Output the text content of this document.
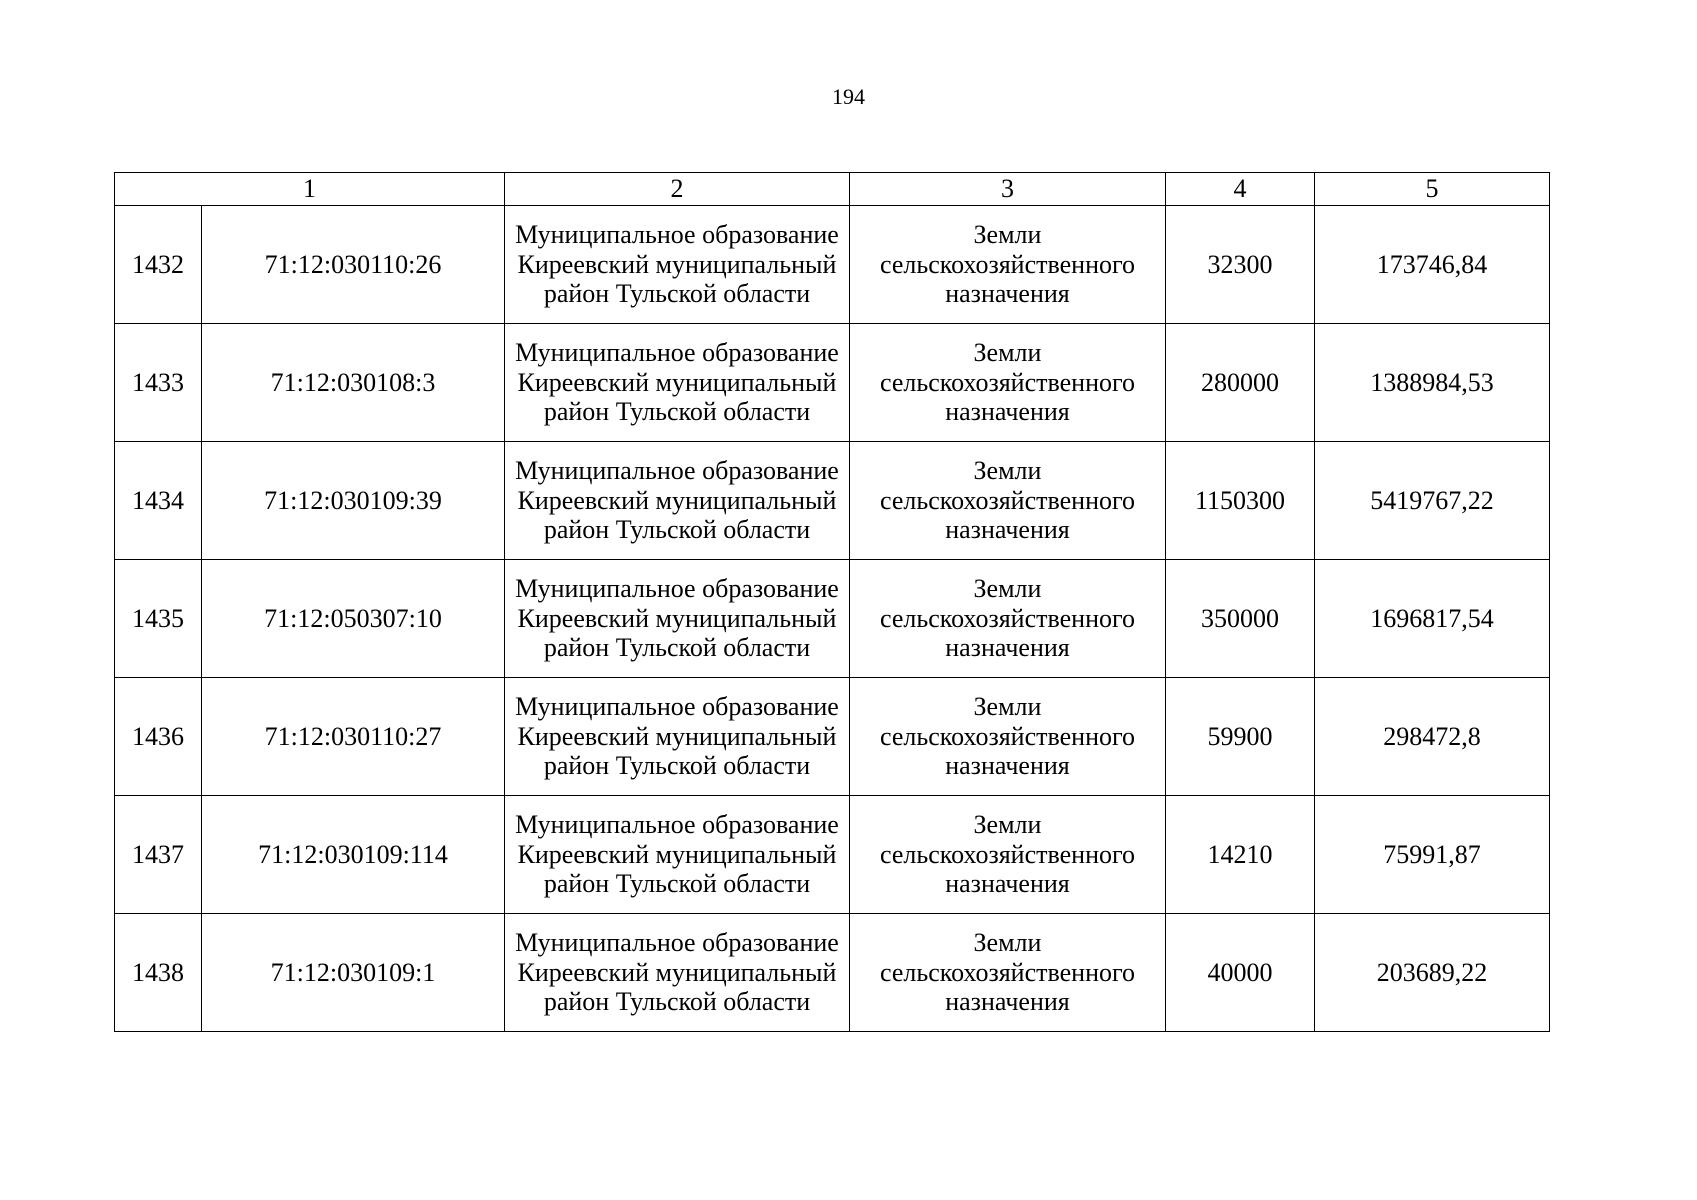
194
1		2	3	4	5
1432	71:12:030110:26	Муниципальное образование Киреевский муниципальный район Тульской области	Земли сельскохозяйственного назначения	32300	173746,84
1433	71:12:030108:3	Муниципальное образование Киреевский муниципальный район Тульской области	Земли сельскохозяйственного назначения	280000	1388984,53
1434	71:12:030109:39	Муниципальное образование Киреевский муниципальный район Тульской области	Земли сельскохозяйственного назначения	1150300	5419767,22
1435	71:12:050307:10	Муниципальное образование Киреевский муниципальный район Тульской области	Земли сельскохозяйственного назначения	350000	1696817,54
1436	71:12:030110:27	Муниципальное образование Киреевский муниципальный район Тульской области	Земли сельскохозяйственного назначения	59900	298472,8
1437	71:12:030109:114	Муниципальное образование Киреевский муниципальный район Тульской области	Земли сельскохозяйственного назначения	14210	75991,87
1438	71:12:030109:1	Муниципальное образование Киреевский муниципальный район Тульской области	Земли сельскохозяйственного назначения	40000	203689,22
